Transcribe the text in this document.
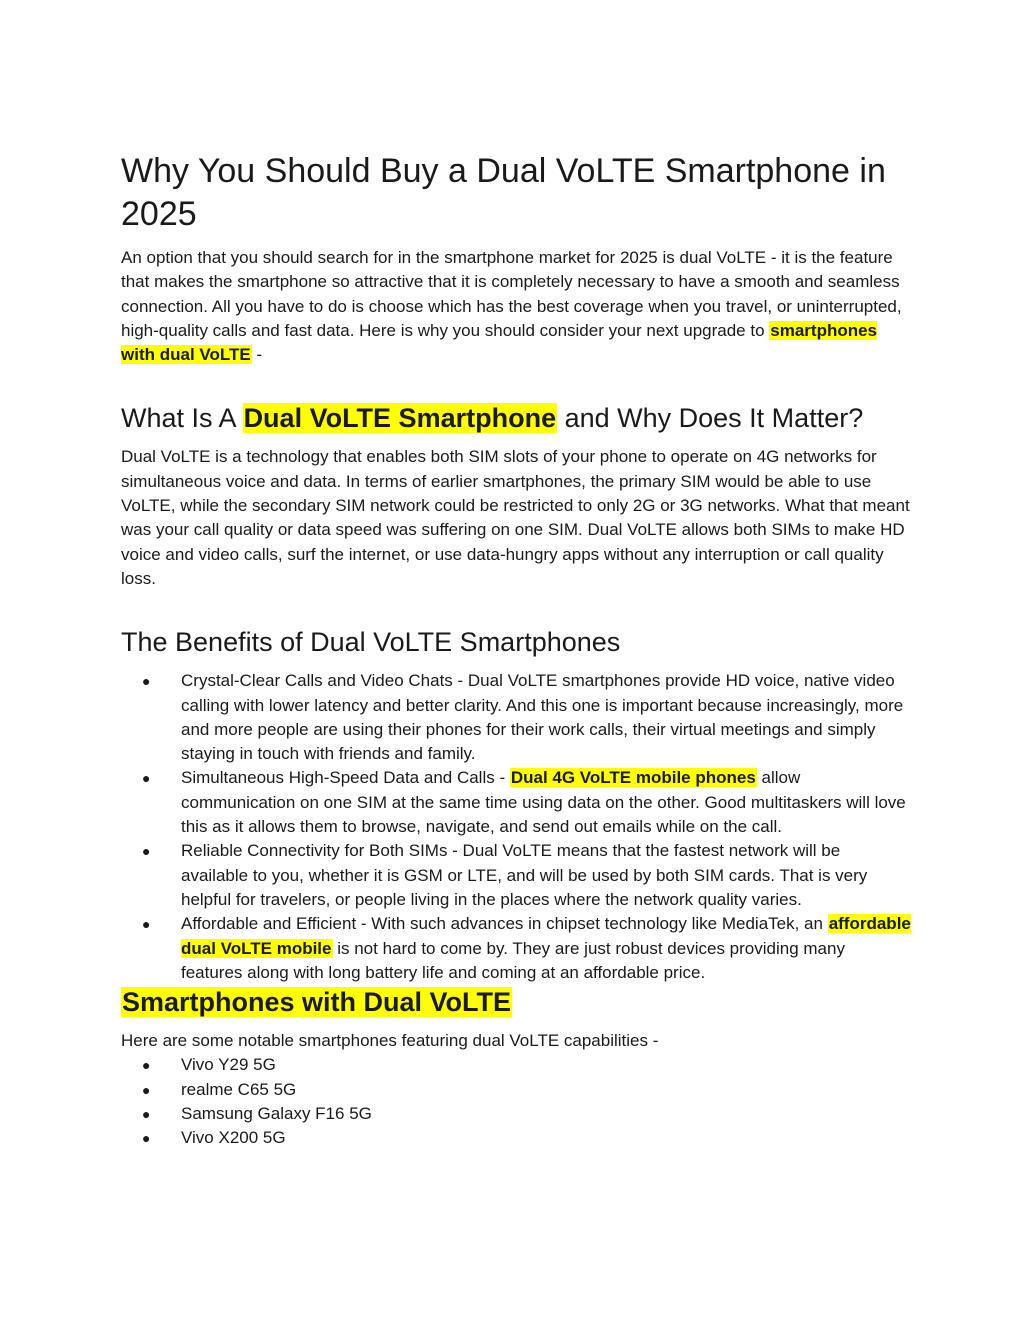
Why You Should Buy a Dual VoLTE Smartphone in 2025

An option that you should search for in the smartphone market for 2025 is dual VoLTE - it is the feature that makes the smartphone so attractive that it is completely necessary to have a smooth and seamless connection. All you have to do is choose which has the best coverage when you travel, or uninterrupted, high-quality calls and fast data. Here is why you should consider your next upgrade to smartphones with dual VoLTE -

What Is A Dual VoLTE Smartphone and Why Does It Matter?

Dual VoLTE is a technology that enables both SIM slots of your phone to operate on 4G networks for simultaneous voice and data. In terms of earlier smartphones, the primary SIM would be able to use VoLTE, while the secondary SIM network could be restricted to only 2G or 3G networks. What that meant was your call quality or data speed was suffering on one SIM. Dual VoLTE allows both SIMs to make HD voice and video calls, surf the internet, or use data-hungry apps without any interruption or call quality loss.

The Benefits of Dual VoLTE Smartphones
● Crystal-Clear Calls and Video Chats - Dual VoLTE smartphones provide HD voice, native video calling with lower latency and better clarity. And this one is important because increasingly, more and more people are using their phones for their work calls, their virtual meetings and simply staying in touch with friends and family.
● Simultaneous High-Speed Data and Calls - Dual 4G VoLTE mobile phones allow communication on one SIM at the same time using data on the other. Good multitaskers will love this as it allows them to browse, navigate, and send out emails while on the call.
● Reliable Connectivity for Both SIMs - Dual VoLTE means that the fastest network will be available to you, whether it is GSM or LTE, and will be used by both SIM cards. That is very helpful for travelers, or people living in the places where the network quality varies.
● Affordable and Efficient - With such advances in chipset technology like MediaTek, an affordable dual VoLTE mobile is not hard to come by. They are just robust devices providing many features along with long battery life and coming at an affordable price.
Smartphones with Dual VoLTE

Here are some notable smartphones featuring dual VoLTE capabilities -

● Vivo Y29 5G
● realme C65 5G
● Samsung Galaxy F16 5G
● Vivo X200 5G
